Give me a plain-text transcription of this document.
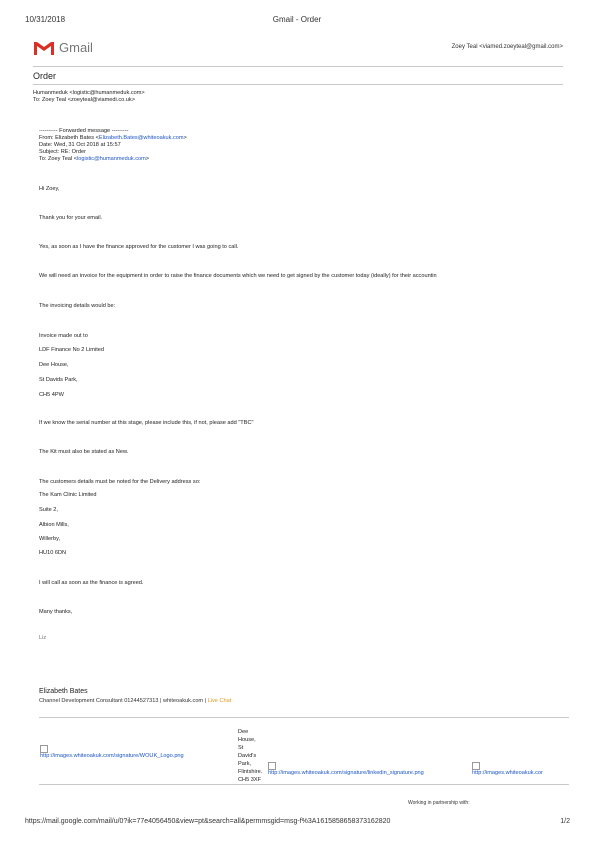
10/31/2018	Gmail - Order
Gmail	Zoey Teal <viamed.zoeyteal@gmail.com>
Order
Humanmeduk <logistic@humanmeduk.com>
To: Zoey Teal <zoeyteal@viamedi.co.uk>
---------- Forwarded message ---------
From: Elizabeth Bates <Elizabeth.Bates@whiteoakuk.com>
Date: Wed, 31 Oct 2018 at 15:57
Subject: RE: Order
To: Zoey Teal <logistic@humanmeduk.com>
Hi Zoey,
Thank you for your email.
Yes, as soon as I have the finance approved for the customer I was going to call.
We will need an invoice for the equipment in order to raise the finance documents which we need to get signed by the customer today (ideally) for their accountin
The invoicing details would be:
Invoice made out to
LDF Finance No 2 Limited
Dee House,
St Davids Park,
CH5 4PW
If we know the serial number at this stage, please include this, if not, please add "TBC"
The Kit must also be stated as New.
The customers details must be noted for the Delivery address so:
The Kam Clinic Limited
Suite 2,
Albion Mills,
Willerby,
HU10 6DN
I will call as soon as the finance is agreed.
Many thanks,
Liz
Elizabeth Bates
Channel Development Consultant 01244527313 | whiteoakuk.com | Live Chat

http://images.whiteoakuk.com/signature/WOUK_Logo.png
Dee
House,
St
David's
Park,
Flintshire.
CH5 3XF

http://images.whiteoakuk.com/signature/linkedin_signature.png	http://images.whiteoakuk.cor
Working in partnership with:
https://mail.google.com/mail/u/0?ik=77e4056450&view=pt&search=all&permmsgid=msg-f%3A1615858658373162820	1/2
